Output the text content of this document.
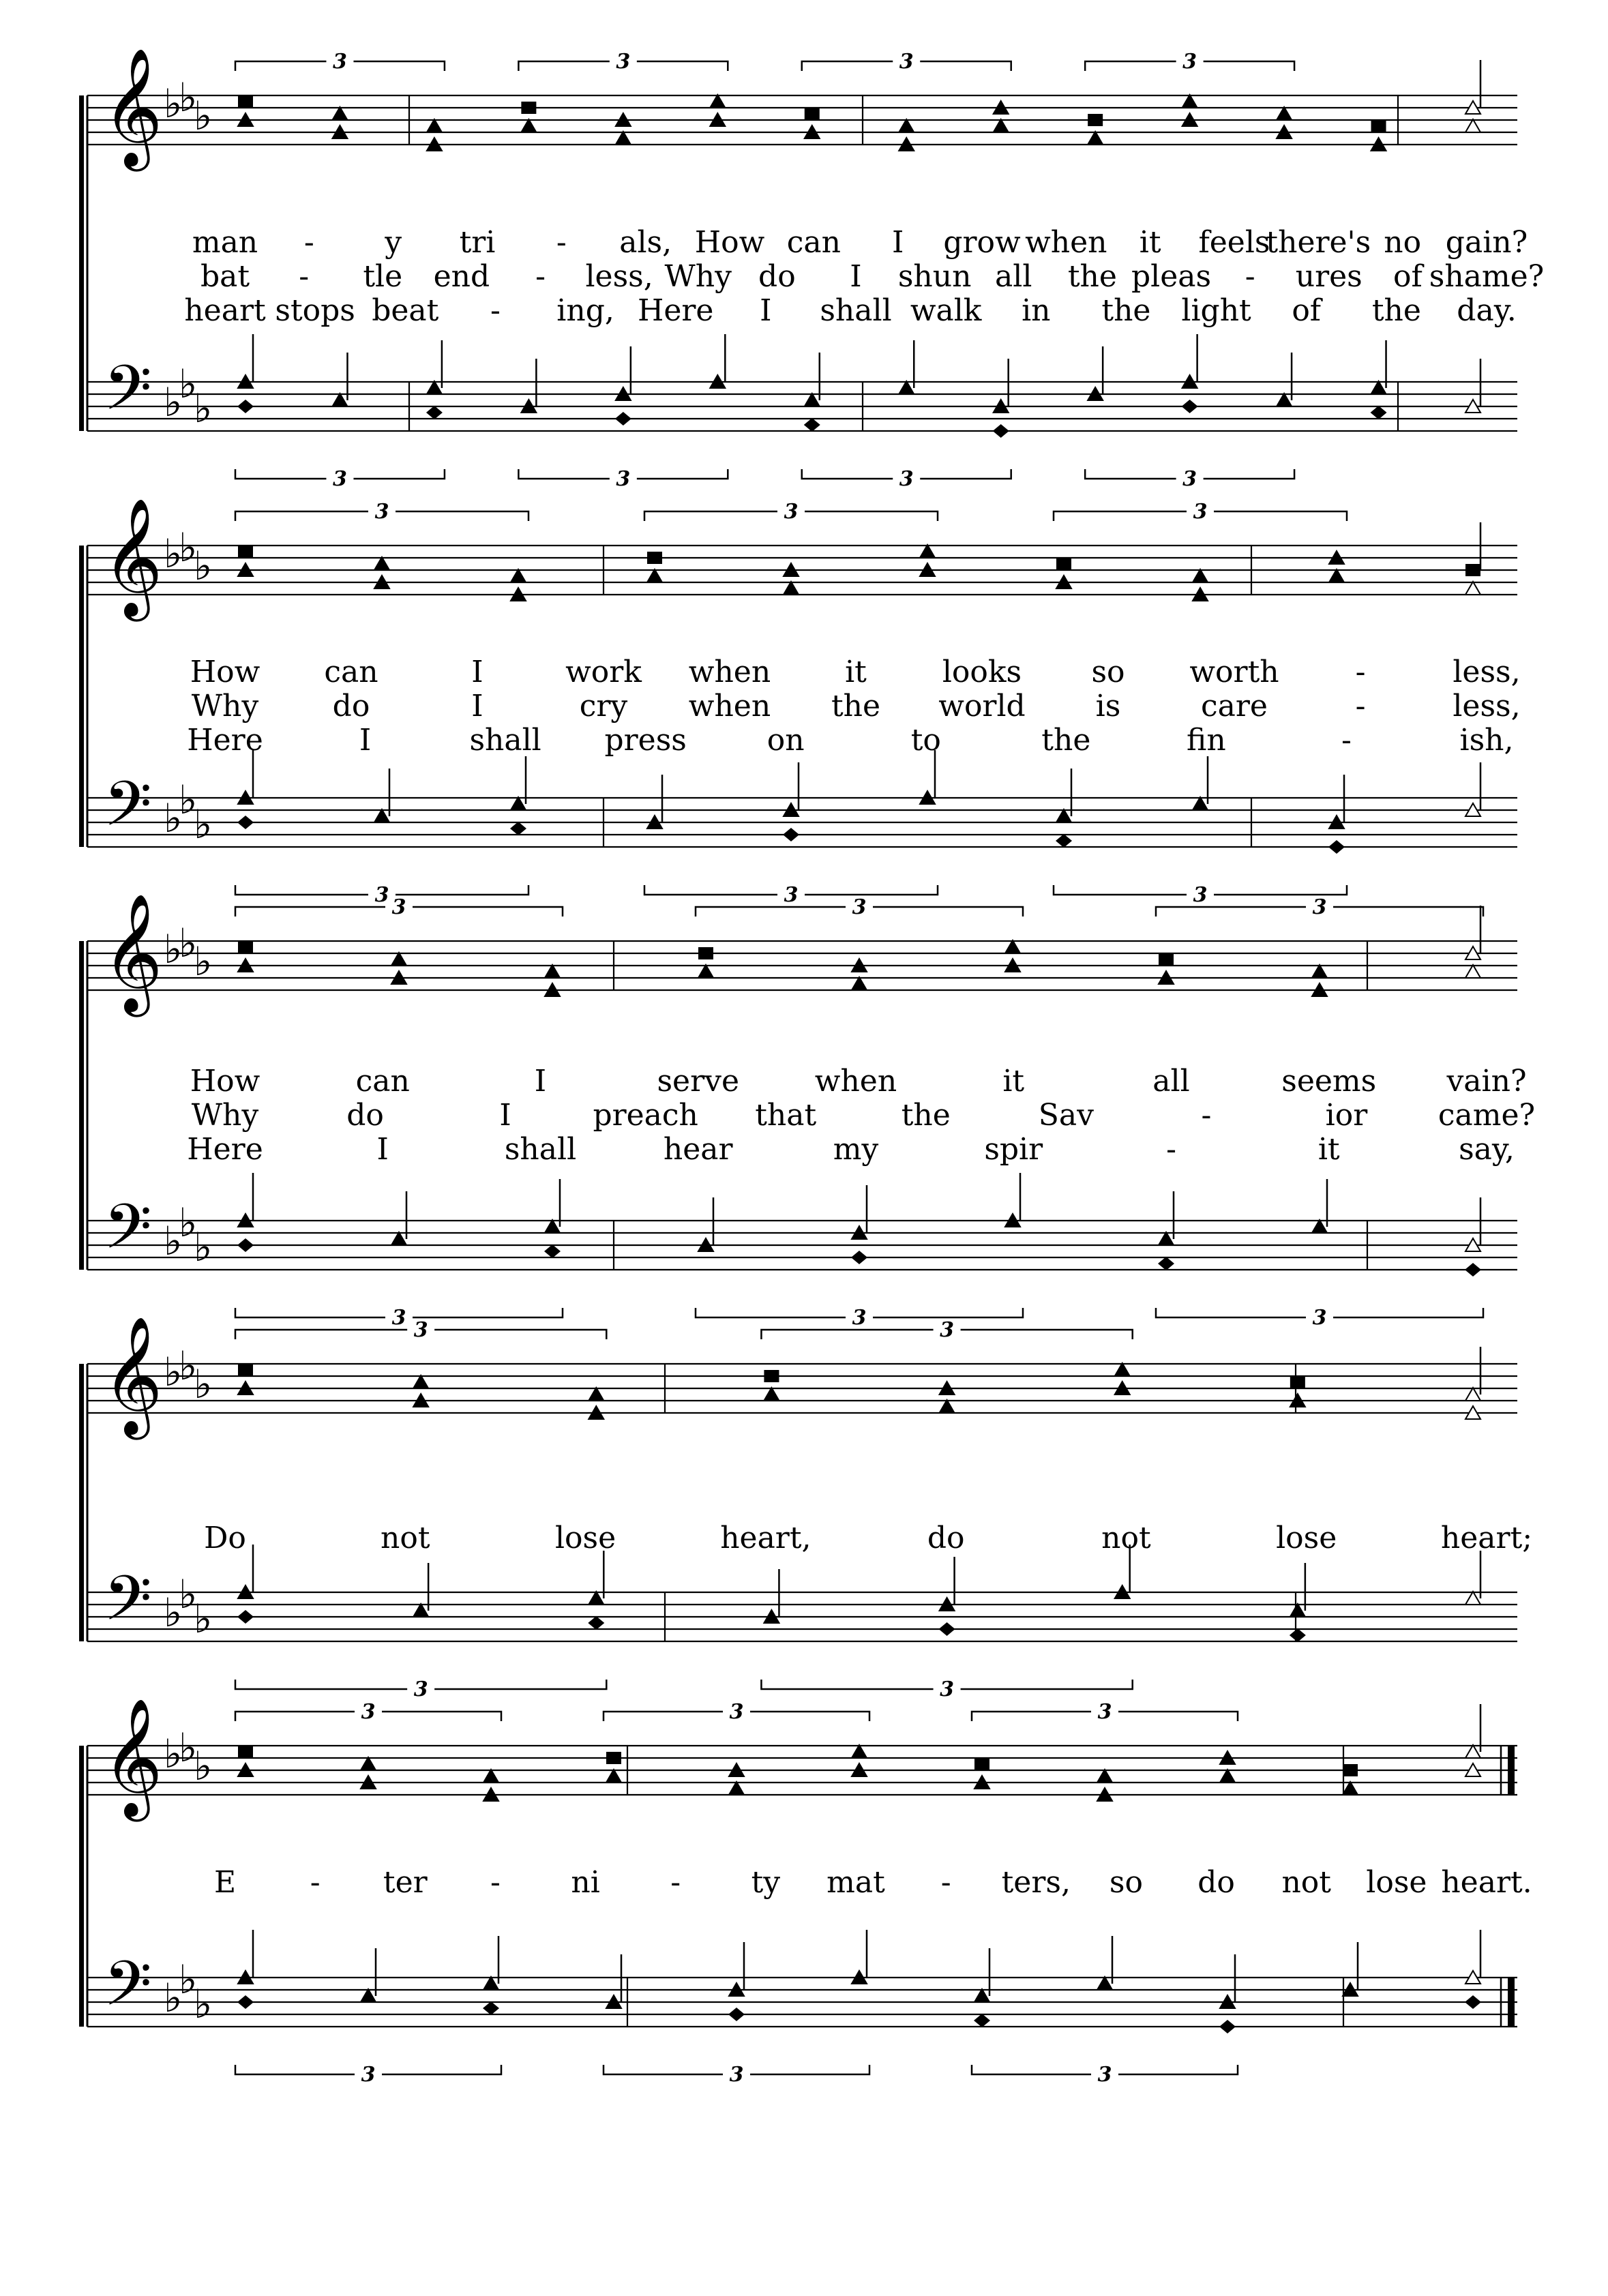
𝄞 ♭
♭
♭
3	3	3	3
𝄢 ♭
♭
♭
3	3	3	3
man - y tri - als, How can I grow when it feels
there's no gain?
bat - tle end - less, Why do I shun all the pleas - ures of shame?
heart stops beat - ing, Here I shall walk in the light of the day.
𝄞 ♭
♭
♭
3	3	3
𝄢 ♭
♭
♭
3	3	3
How can	I	work when it	looks so worth	-	less,
Why do	I	cry when the world is	care	-	less,
Here	I	shall press	on	to	the	fin	-	ish,
𝄞 ♭
♭
♭
3	3	3
𝄢 ♭
♭
♭
3	3	3
How	can	I	serve	when	it	all	seems vain?
Why	do	I	preach that	the	Sav	-	ior came?
Here	I	shall	hear	my	spir	-	it	say,
𝄞 ♭
♭
♭
3	3
𝄢 ♭
♭
♭
3	3
Do	not	lose	heart,	do	not	lose	heart;
𝄞 ♭
♭
♭
3	3	3
𝄢 ♭
♭
♭
3	3	3
E - ter - ni - ty mat - ters, so do not lose heart.
